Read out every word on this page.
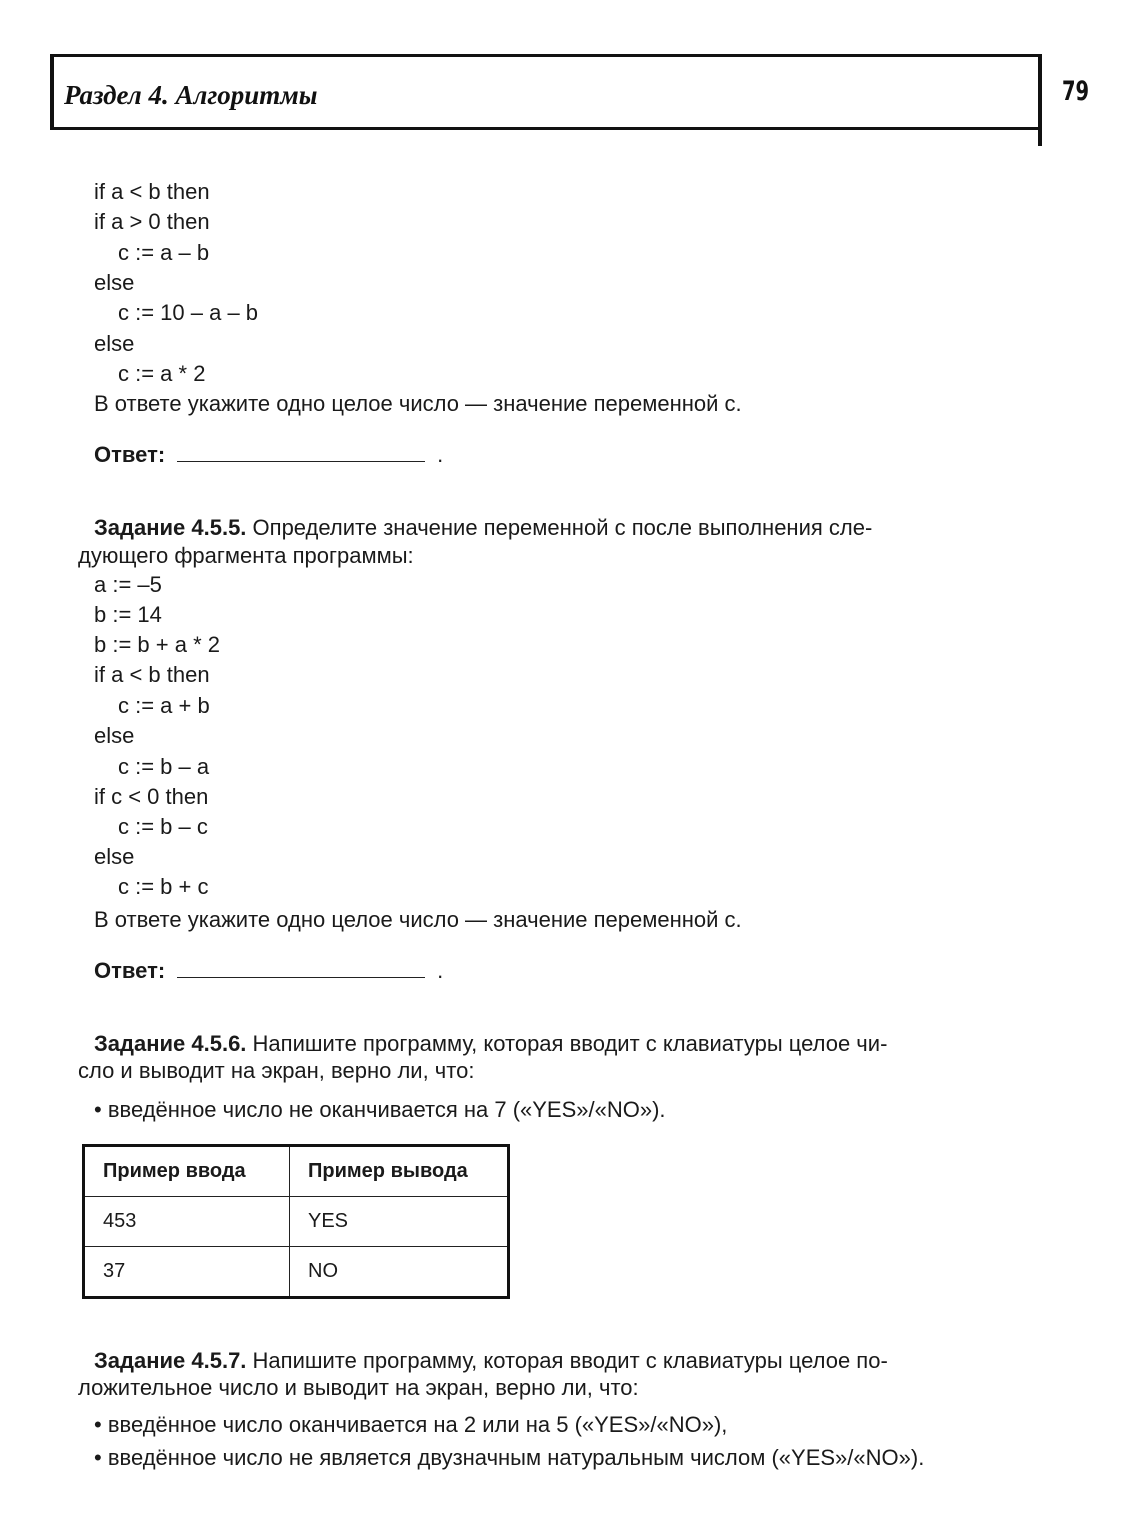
Раздел 4. Алгоритмы	79
if a < b then
if a > 0 then
c := a – b
else
c := 10 – a – b
else
c := a * 2
В ответе укажите одно целое число — значение переменной c.
Ответ:	.
Задание 4.5.5. Определите значение переменной c после выполнения сле-
дующего фрагмента программы:
a := –5
b := 14
b := b + a * 2
if a < b then
c := a + b
else
c := b – a
if c < 0 then
c := b – c
else
c := b + c
В ответе укажите одно целое число — значение переменной c.
Ответ:	.
Задание 4.5.6. Напишите программу, которая вводит с клавиатуры целое чи-
сло и выводит на экран, верно ли, что:
• введённое число не оканчивается на 7 («YES»/«NO»).
Пример ввода	Пример вывода
453	YES
37	NO
Задание 4.5.7. Напишите программу, которая вводит с клавиатуры целое по-
ложительное число и выводит на экран, верно ли, что:
• введённое число оканчивается на 2 или на 5 («YES»/«NO»),
• введённое число не является двузначным натуральным числом («YES»/«NO»).
